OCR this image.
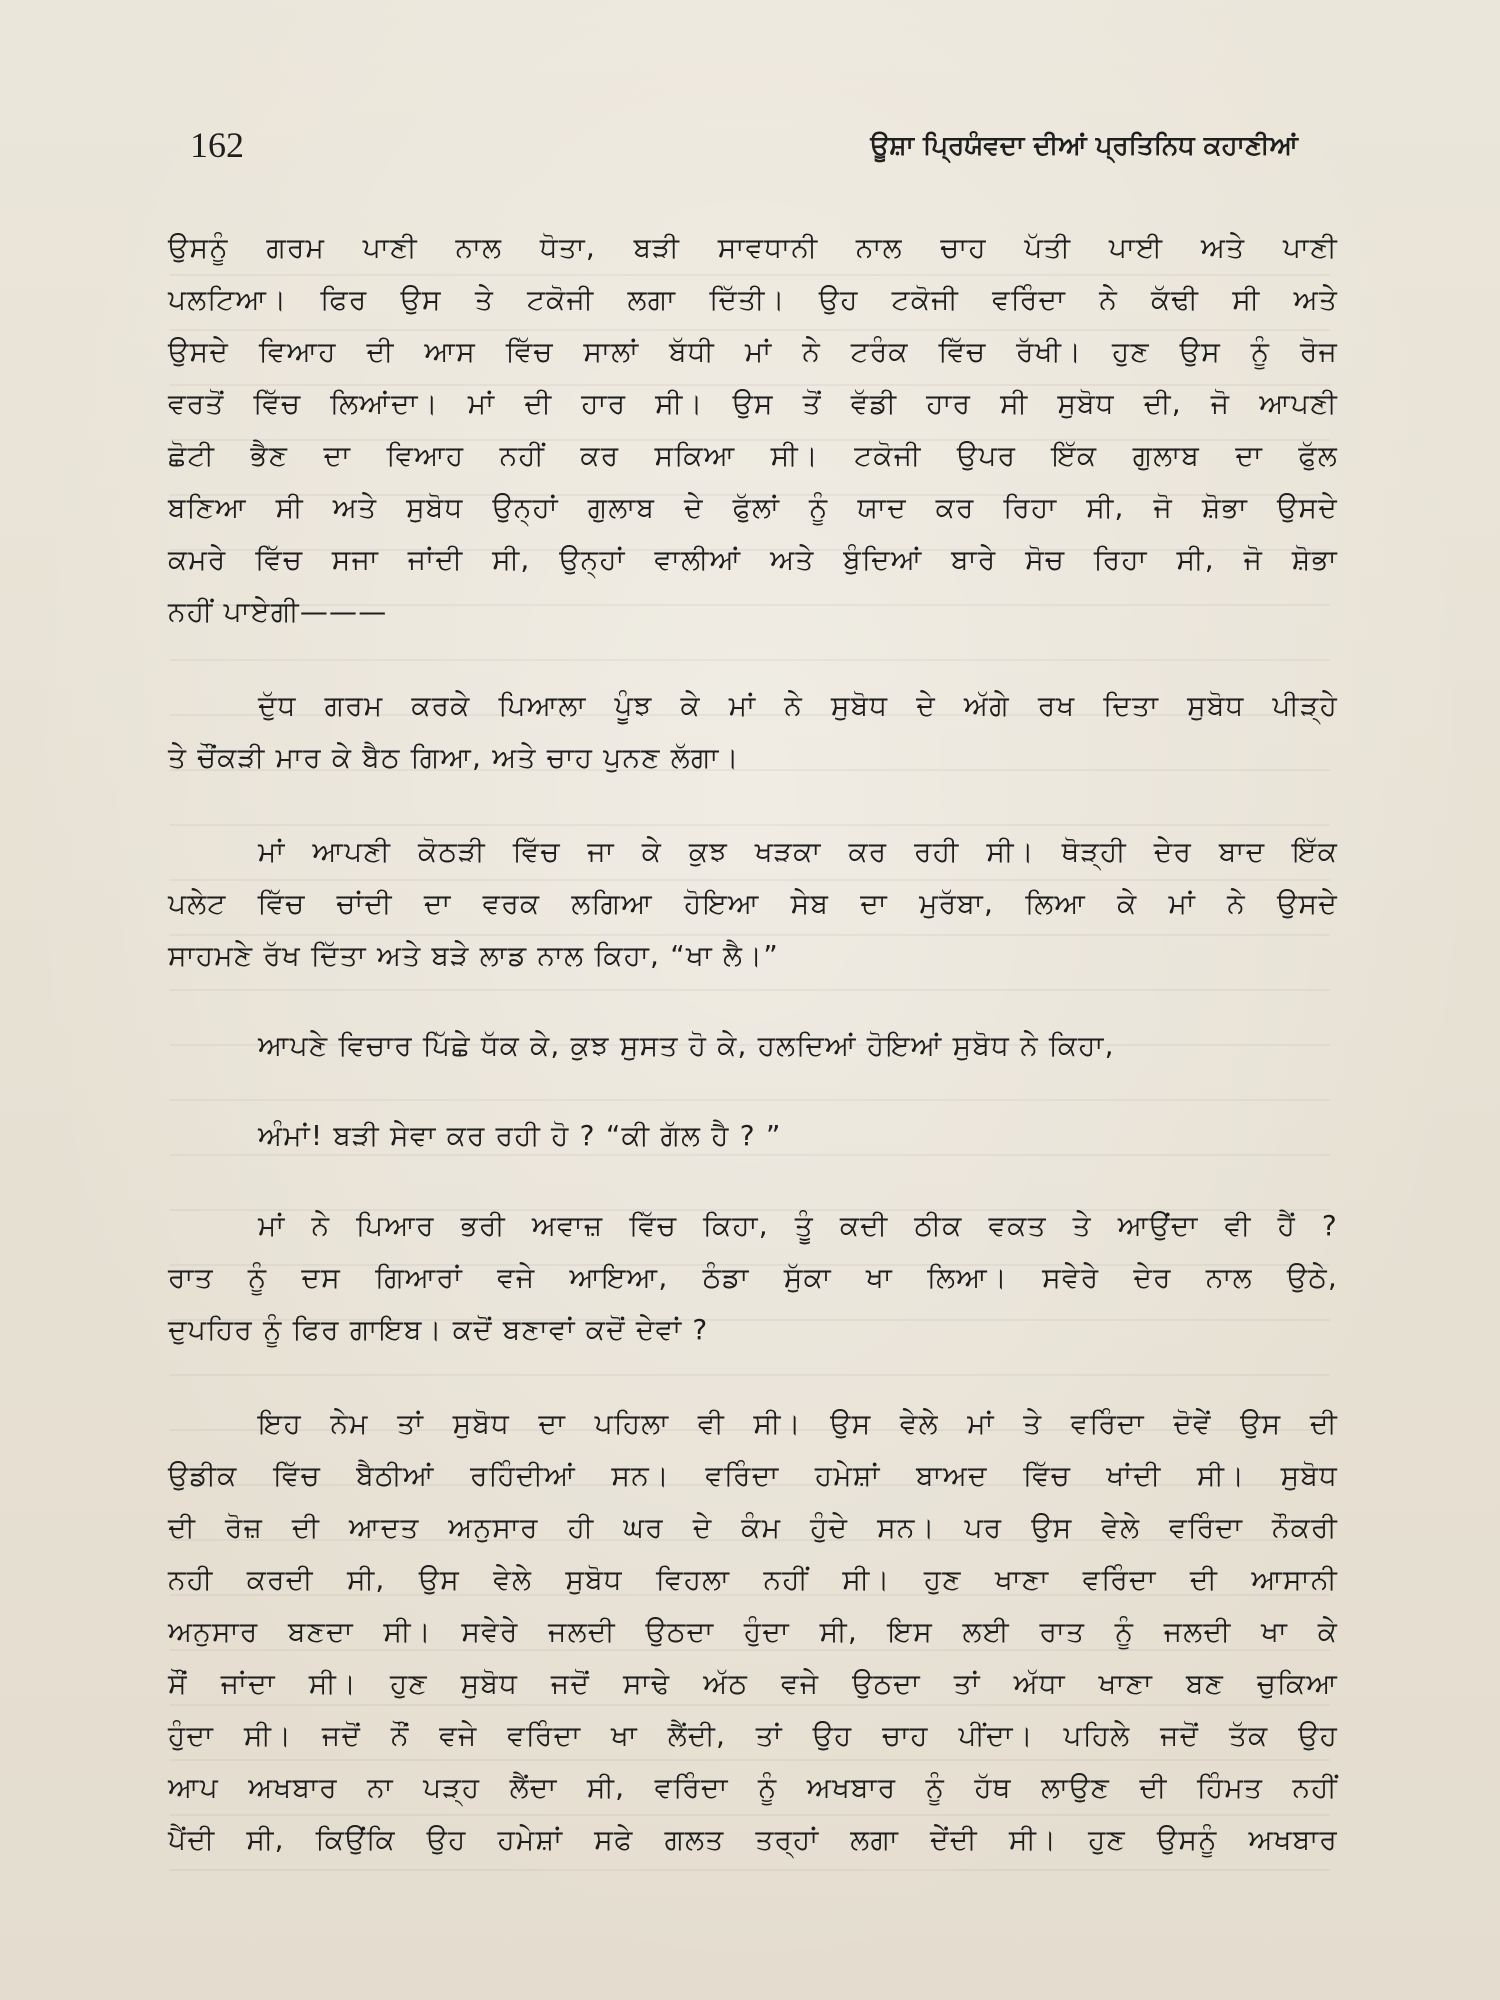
162	ਊਸ਼ਾ ਪ੍ਰਿਯੰਵਦਾ ਦੀਆਂ ਪ੍ਰਤਿਨਿਧ ਕਹਾਣੀਆਂ
ਉਸਨੂੰ ਗਰਮ ਪਾਣੀ ਨਾਲ ਧੋਤਾ, ਬੜੀ ਸਾਵਧਾਨੀ ਨਾਲ ਚਾਹ ਪੱਤੀ ਪਾਈ ਅਤੇ ਪਾਣੀ
ਪਲਟਿਆ। ਫਿਰ ਉਸ ਤੇ ਟਕੋਜੀ ਲਗਾ ਦਿੱਤੀ। ਉਹ ਟਕੋਜੀ ਵਰਿੰਦਾ ਨੇ ਕੱਢੀ ਸੀ ਅਤੇ
ਉਸਦੇ ਵਿਆਹ ਦੀ ਆਸ ਵਿੱਚ ਸਾਲਾਂ ਬੱਧੀ ਮਾਂ ਨੇ ਟਰੰਕ ਵਿੱਚ ਰੱਖੀ। ਹੁਣ ਉਸ ਨੂੰ ਰੋਜ
ਵਰਤੋਂ ਵਿੱਚ ਲਿਆਂਦਾ। ਮਾਂ ਦੀ ਹਾਰ ਸੀ। ਉਸ ਤੋਂ ਵੱਡੀ ਹਾਰ ਸੀ ਸੁਬੋਧ ਦੀ, ਜੋ ਆਪਣੀ
ਛੋਟੀ ਭੈਣ ਦਾ ਵਿਆਹ ਨਹੀਂ ਕਰ ਸਕਿਆ ਸੀ। ਟਕੋਜੀ ਉਪਰ ਇੱਕ ਗੁਲਾਬ ਦਾ ਫੁੱਲ
ਬਣਿਆ ਸੀ ਅਤੇ ਸੁਬੋਧ ਉਨ੍ਹਾਂ ਗੁਲਾਬ ਦੇ ਫੁੱਲਾਂ ਨੂੰ ਯਾਦ ਕਰ ਰਿਹਾ ਸੀ, ਜੋ ਸ਼ੋਭਾ ਉਸਦੇ
ਕਮਰੇ ਵਿੱਚ ਸਜਾ ਜਾਂਦੀ ਸੀ, ਉਨ੍ਹਾਂ ਵਾਲੀਆਂ ਅਤੇ ਬੁੰਦਿਆਂ ਬਾਰੇ ਸੋਚ ਰਿਹਾ ਸੀ, ਜੋ ਸ਼ੋਭਾ
ਨਹੀਂ ਪਾਏਗੀ———
ਦੁੱਧ ਗਰਮ ਕਰਕੇ ਪਿਆਲਾ ਪੂੰਝ ਕੇ ਮਾਂ ਨੇ ਸੁਬੋਧ ਦੇ ਅੱਗੇ ਰਖ ਦਿਤਾ ਸੁਬੋਧ ਪੀੜ੍ਹੇ
ਤੇ ਚੌਂਕੜੀ ਮਾਰ ਕੇ ਬੈਠ ਗਿਆ, ਅਤੇ ਚਾਹ ਪੁਨਣ ਲੱਗਾ।
ਮਾਂ ਆਪਣੀ ਕੋਠੜੀ ਵਿੱਚ ਜਾ ਕੇ ਕੁਝ ਖੜਕਾ ਕਰ ਰਹੀ ਸੀ। ਥੋੜ੍ਹੀ ਦੇਰ ਬਾਦ ਇੱਕ
ਪਲੇਟ ਵਿੱਚ ਚਾਂਦੀ ਦਾ ਵਰਕ ਲਗਿਆ ਹੋਇਆ ਸੇਬ ਦਾ ਮੁਰੱਬਾ, ਲਿਆ ਕੇ ਮਾਂ ਨੇ ਉਸਦੇ
ਸਾਹਮਣੇ ਰੱਖ ਦਿੱਤਾ ਅਤੇ ਬੜੇ ਲਾਡ ਨਾਲ ਕਿਹਾ, “ਖਾ ਲੈ।”
ਆਪਣੇ ਵਿਚਾਰ ਪਿੱਛੇ ਧੱਕ ਕੇ, ਕੁਝ ਸੁਸਤ ਹੋ ਕੇ, ਹਲਦਿਆਂ ਹੋਇਆਂ ਸੁਬੋਧ ਨੇ ਕਿਹਾ,
ਅੰਮਾਂ! ਬੜੀ ਸੇਵਾ ਕਰ ਰਹੀ ਹੋ ? “ਕੀ ਗੱਲ ਹੈ ? ”
ਮਾਂ ਨੇ ਪਿਆਰ ਭਰੀ ਅਵਾਜ਼ ਵਿੱਚ ਕਿਹਾ, ਤੂੰ ਕਦੀ ਠੀਕ ਵਕਤ ਤੇ ਆਉਂਦਾ ਵੀ ਹੈਂ ?
ਰਾਤ ਨੂੰ ਦਸ ਗਿਆਰਾਂ ਵਜੇ ਆਇਆ, ਠੰਡਾ ਸੁੱਕਾ ਖਾ ਲਿਆ। ਸਵੇਰੇ ਦੇਰ ਨਾਲ ਉਠੇ,
ਦੁਪਹਿਰ ਨੂੰ ਫਿਰ ਗਾਇਬ। ਕਦੋਂ ਬਣਾਵਾਂ ਕਦੋਂ ਦੇਵਾਂ ?
ਇਹ ਨੇਮ ਤਾਂ ਸੁਬੋਧ ਦਾ ਪਹਿਲਾ ਵੀ ਸੀ। ਉਸ ਵੇਲੇ ਮਾਂ ਤੇ ਵਰਿੰਦਾ ਦੋਵੇਂ ਉਸ ਦੀ
ਉਡੀਕ ਵਿੱਚ ਬੈਠੀਆਂ ਰਹਿੰਦੀਆਂ ਸਨ। ਵਰਿੰਦਾ ਹਮੇਸ਼ਾਂ ਬਾਅਦ ਵਿੱਚ ਖਾਂਦੀ ਸੀ। ਸੁਬੋਧ
ਦੀ ਰੋਜ਼ ਦੀ ਆਦਤ ਅਨੁਸਾਰ ਹੀ ਘਰ ਦੇ ਕੰਮ ਹੁੰਦੇ ਸਨ। ਪਰ ਉਸ ਵੇਲੇ ਵਰਿੰਦਾ ਨੌਕਰੀ
ਨਹੀ ਕਰਦੀ ਸੀ, ਉਸ ਵੇਲੇ ਸੁਬੋਧ ਵਿਹਲਾ ਨਹੀਂ ਸੀ। ਹੁਣ ਖਾਣਾ ਵਰਿੰਦਾ ਦੀ ਆਸਾਨੀ
ਅਨੁਸਾਰ ਬਣਦਾ ਸੀ। ਸਵੇਰੇ ਜਲਦੀ ਉਠਦਾ ਹੁੰਦਾ ਸੀ, ਇਸ ਲਈ ਰਾਤ ਨੂੰ ਜਲਦੀ ਖਾ ਕੇ
ਸੌਂ ਜਾਂਦਾ ਸੀ। ਹੁਣ ਸੁਬੋਧ ਜਦੋਂ ਸਾਢੇ ਅੱਠ ਵਜੇ ਉਠਦਾ ਤਾਂ ਅੱਧਾ ਖਾਣਾ ਬਣ ਚੁਕਿਆ
ਹੁੰਦਾ ਸੀ। ਜਦੋਂ ਨੌਂ ਵਜੇ ਵਰਿੰਦਾ ਖਾ ਲੈਂਦੀ, ਤਾਂ ਉਹ ਚਾਹ ਪੀਂਦਾ। ਪਹਿਲੇ ਜਦੋਂ ਤੱਕ ਉਹ
ਆਪ ਅਖਬਾਰ ਨਾ ਪੜ੍ਹ ਲੈਂਦਾ ਸੀ, ਵਰਿੰਦਾ ਨੂੰ ਅਖਬਾਰ ਨੂੰ ਹੱਥ ਲਾਉਣ ਦੀ ਹਿੰਮਤ ਨਹੀਂ
ਪੈਂਦੀ ਸੀ, ਕਿਉਂਕਿ ਉਹ ਹਮੇਸ਼ਾਂ ਸਫੇ ਗਲਤ ਤਰ੍ਹਾਂ ਲਗਾ ਦੇਂਦੀ ਸੀ। ਹੁਣ ਉਸਨੂੰ ਅਖਬਾਰ
